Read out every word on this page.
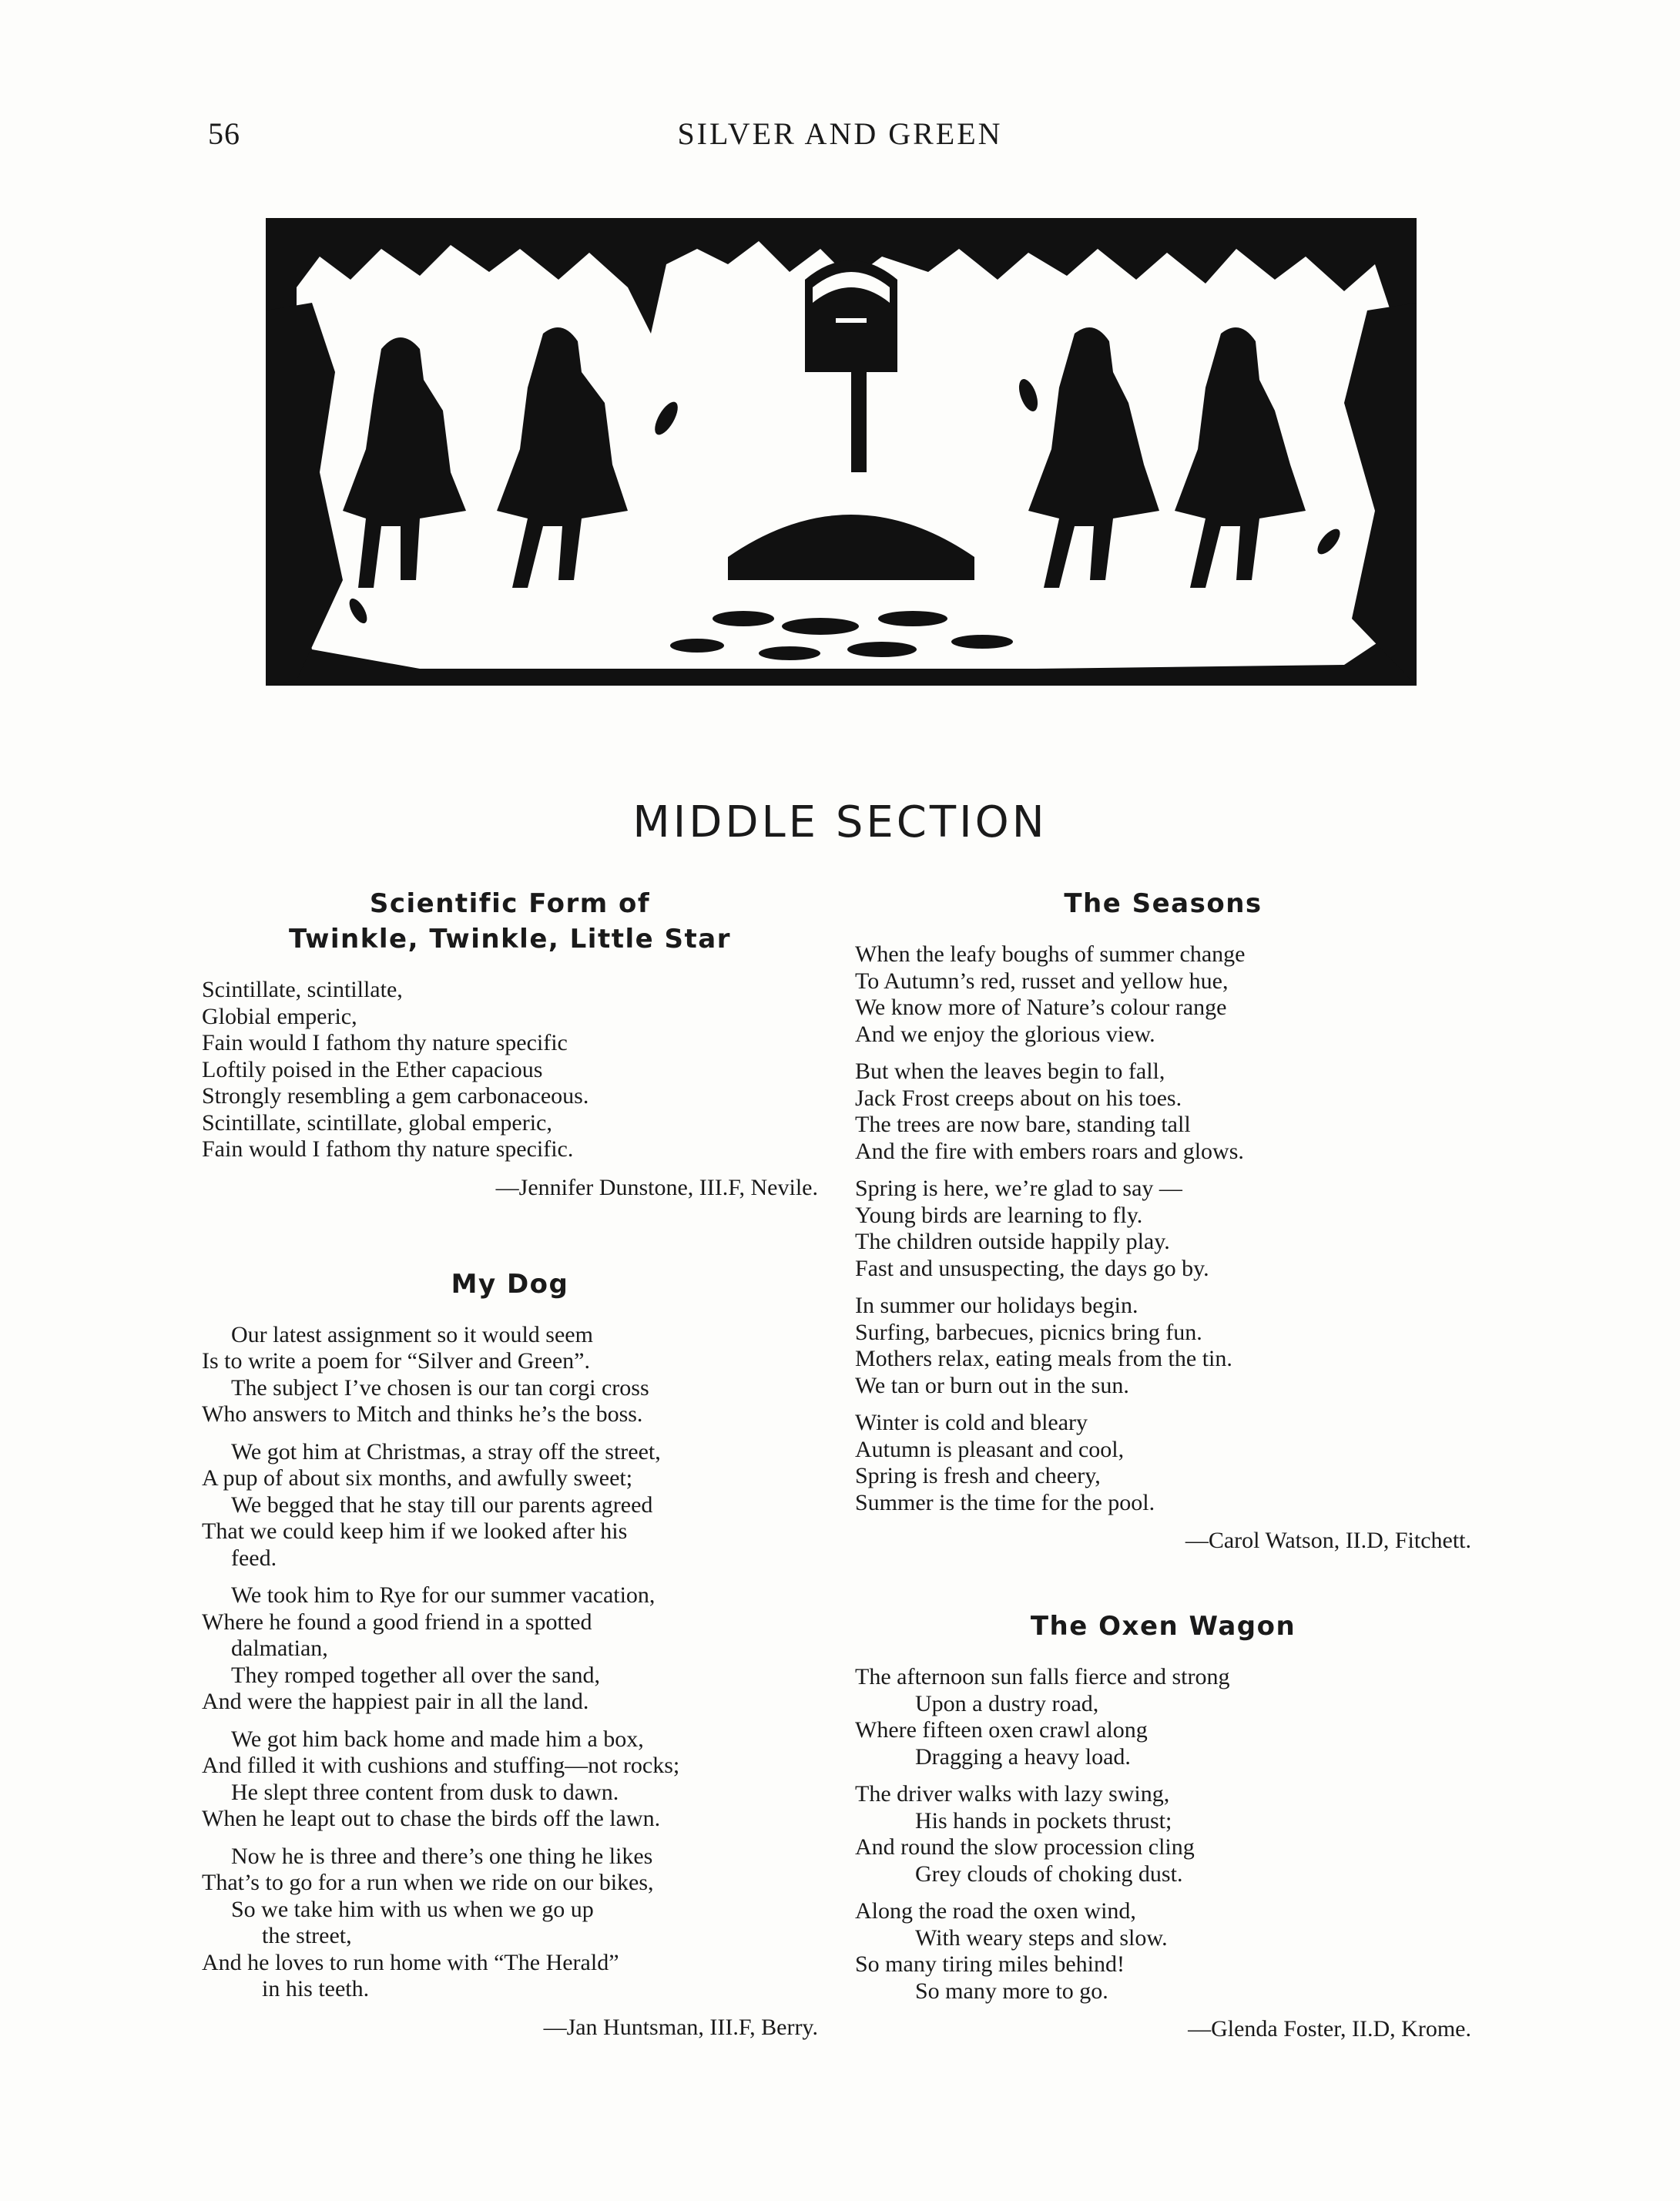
56	SILVER AND GREEN
MIDDLE SECTION
Scientific Form of
Twinkle, Twinkle, Little Star
Scintillate, scintillate,
Globial emperic,
Fain would I fathom thy nature specific
Loftily poised in the Ether capacious
Strongly resembling a gem carbonaceous.
Scintillate, scintillate, global emperic,
Fain would I fathom thy nature specific.
—Jennifer Dunstone, III.F, Nevile.
My Dog
Our latest assignment so it would seem
Is to write a poem for “Silver and Green”.
The subject I’ve chosen is our tan corgi cross
Who answers to Mitch and thinks he’s the boss.
We got him at Christmas, a stray off the street,
A pup of about six months, and awfully sweet;
We begged that he stay till our parents agreed
That we could keep him if we looked after his
feed.
We took him to Rye for our summer vacation,
Where he found a good friend in a spotted
dalmatian,
They romped together all over the sand,
And were the happiest pair in all the land.
We got him back home and made him a box,
And filled it with cushions and stuffing—not rocks;
He slept three content from dusk to dawn.
When he leapt out to chase the birds off the lawn.
Now he is three and there’s one thing he likes
That’s to go for a run when we ride on our bikes,
So we take him with us when we go up
the street,
And he loves to run home with “The Herald”
in his teeth.
—Jan Huntsman, III.F, Berry.
The Seasons
When the leafy boughs of summer change
To Autumn’s red, russet and yellow hue,
We know more of Nature’s colour range
And we enjoy the glorious view.
But when the leaves begin to fall,
Jack Frost creeps about on his toes.
The trees are now bare, standing tall
And the fire with embers roars and glows.
Spring is here, we’re glad to say —
Young birds are learning to fly.
The children outside happily play.
Fast and unsuspecting, the days go by.
In summer our holidays begin.
Surfing, barbecues, picnics bring fun.
Mothers relax, eating meals from the tin.
We tan or burn out in the sun.
Winter is cold and bleary
Autumn is pleasant and cool,
Spring is fresh and cheery,
Summer is the time for the pool.
—Carol Watson, II.D, Fitchett.
The Oxen Wagon
The afternoon sun falls fierce and strong
Upon a dustry road,
Where fifteen oxen crawl along
Dragging a heavy load.
The driver walks with lazy swing,
His hands in pockets thrust;
And round the slow procession cling
Grey clouds of choking dust.
Along the road the oxen wind,
With weary steps and slow.
So many tiring miles behind!
So many more to go.
—Glenda Foster, II.D, Krome.
